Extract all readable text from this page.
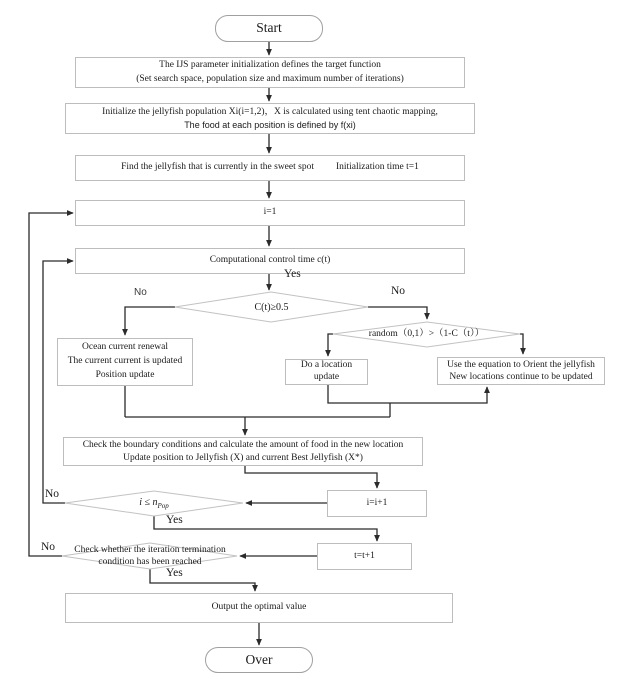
Start
The IJS parameter initialization defines the target function
(Set search space, population size and maximum number of iterations)
Initialize the jellyfish population Xi(i=1,2)，X is calculated using tent chaotic mapping,
The food at each position is defined by f(xi)
Find the jellyfish that is currently in the sweet spot Initialization time t=1
i=1
Computational control time c(t)
Ocean current renewal
The current current is updated
Position update
Do a location
update
Use the equation to Orient the jellyfish
New locations continue to be updated
Check the boundary conditions and calculate the amount of food in the new location
Update position to Jellyfish (X) and current Best Jellyfish (X*)
i=i+1
t=t+1
Output the optimal value
Over
C(t)≥0.5
random（0,1）>（1-C（t））
$i \le n_{Pop}$
Check whether the iteration termination
condition has been reached
Yes
No	No
No
Yes
No
Yes
